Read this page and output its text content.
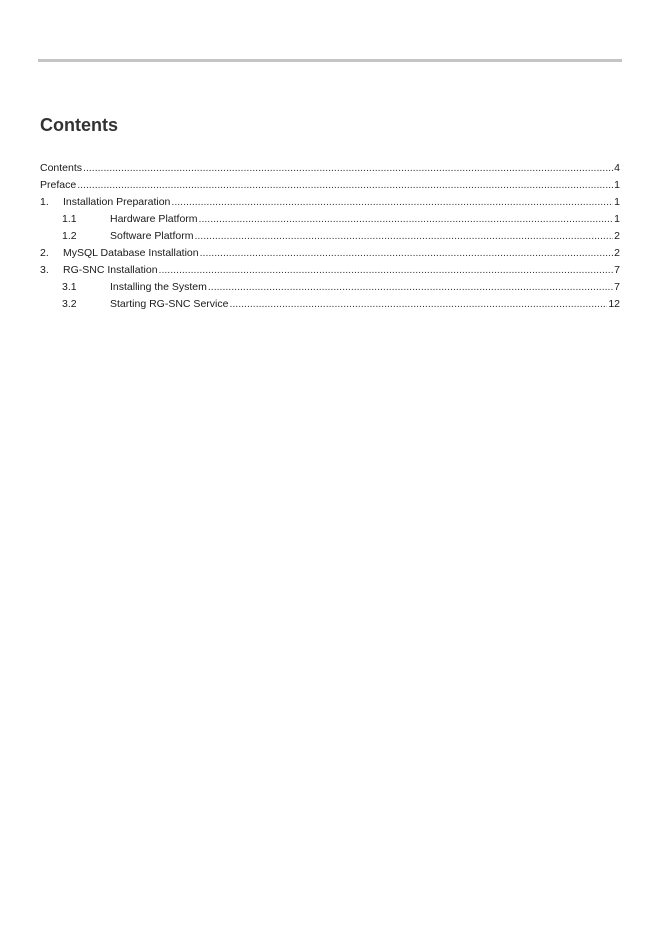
Contents
Contents .....	4
Preface .....	1
1.	Installation Preparation .....	1
1.1	Hardware Platform .....	1
1.2	Software Platform .....	2
2.	MySQL Database Installation .....	2
3.	RG-SNC Installation .....	7
3.1	Installing the System .....	7
3.2	Starting RG-SNC Service .....	12
